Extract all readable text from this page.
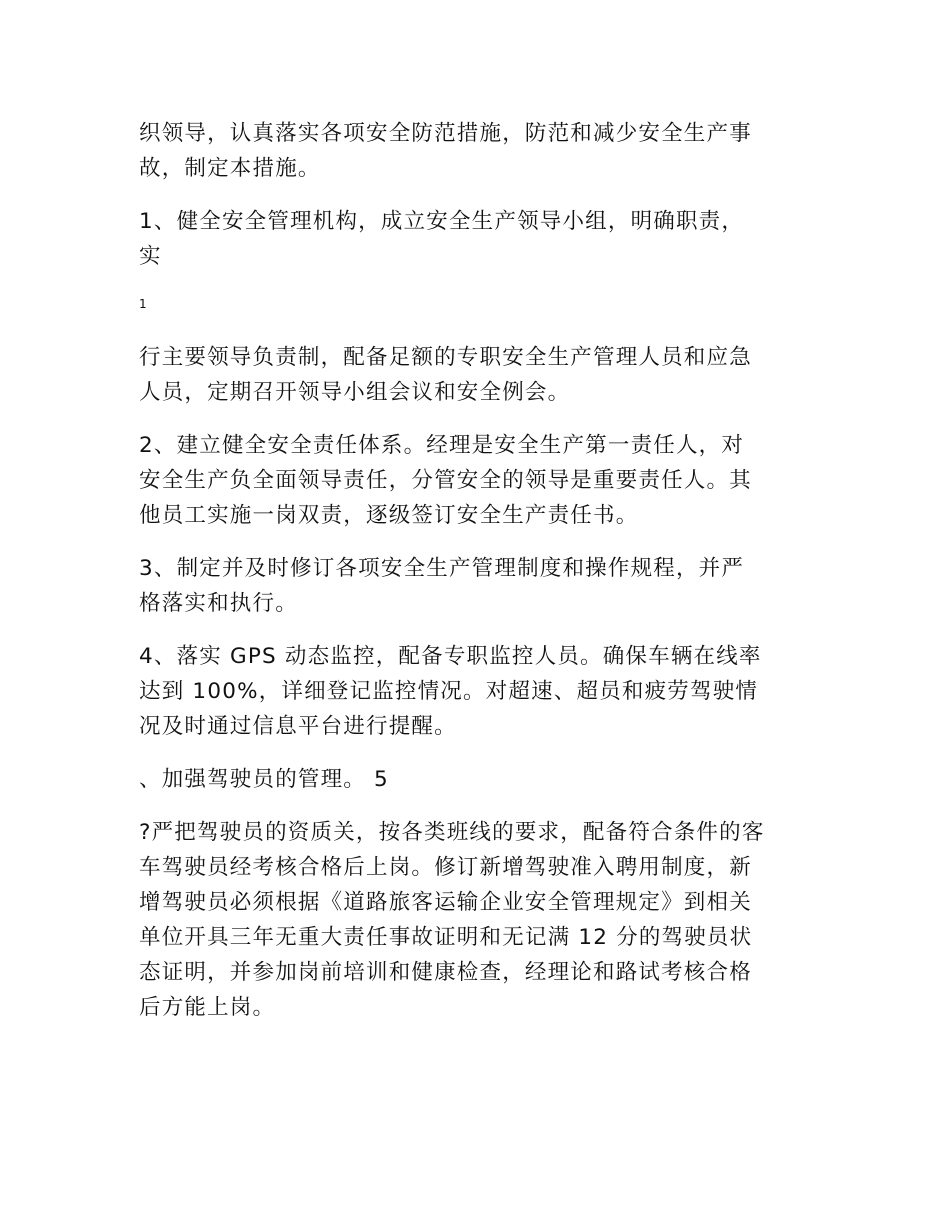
织领导，认真落实各项安全防范措施，防范和减少安全生产事
故，制定本措施。

1、健全安全管理机构，成立安全生产领导小组，明确职责，
实

1

行主要领导负责制，配备足额的专职安全生产管理人员和应急
人员，定期召开领导小组会议和安全例会。

2、建立健全安全责任体系。经理是安全生产第一责任人，对
安全生产负全面领导责任，分管安全的领导是重要责任人。其
他员工实施一岗双责，逐级签订安全生产责任书。

3、制定并及时修订各项安全生产管理制度和操作规程，并严
格落实和执行。

4、落实 GPS 动态监控，配备专职监控人员。确保车辆在线率
达到 100%，详细登记监控情况。对超速、超员和疲劳驾驶情
况及时通过信息平台进行提醒。

、加强驾驶员的管理。 5

?严把驾驶员的资质关，按各类班线的要求，配备符合条件的客
车驾驶员经考核合格后上岗。修订新增驾驶准入聘用制度，新
增驾驶员必须根据《道路旅客运输企业安全管理规定》到相关
单位开具三年无重大责任事故证明和无记满 12 分的驾驶员状
态证明，并参加岗前培训和健康检查，经理论和路试考核合格
后方能上岗。
